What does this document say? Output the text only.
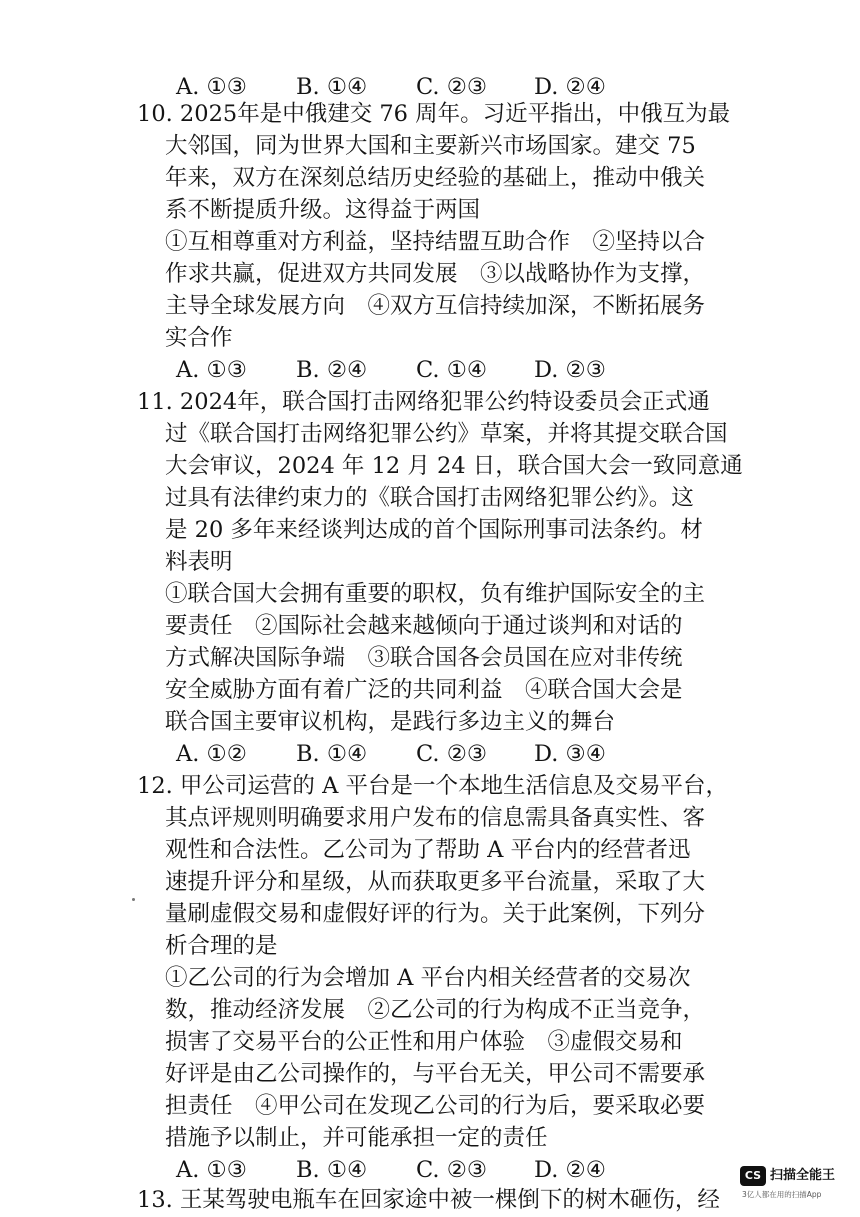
A. ①③ B. ①④ C. ②③ D. ②④
10. 2025年是中俄建交 76 周年。习近平指出，中俄互为最
大邻国，同为世界大国和主要新兴市场国家。建交 75
年来，双方在深刻总结历史经验的基础上，推动中俄关
系不断提质升级。这得益于两国
①互相尊重对方利益，坚持结盟互助合作　②坚持以合
作求共赢，促进双方共同发展　③以战略协作为支撑，
主导全球发展方向　④双方互信持续加深，不断拓展务
实合作
A. ①③ B. ②④ C. ①④ D. ②③
11. 2024年，联合国打击网络犯罪公约特设委员会正式通
过《联合国打击网络犯罪公约》草案，并将其提交联合国
大会审议，2024 年 12 月 24 日，联合国大会一致同意通
过具有法律约束力的《联合国打击网络犯罪公约》。这
是 20 多年来经谈判达成的首个国际刑事司法条约。材
料表明
①联合国大会拥有重要的职权，负有维护国际安全的主
要责任　②国际社会越来越倾向于通过谈判和对话的
方式解决国际争端　③联合国各会员国在应对非传统
安全威胁方面有着广泛的共同利益　④联合国大会是
联合国主要审议机构，是践行多边主义的舞台
A. ①② B. ①④ C. ②③ D. ③④
12. 甲公司运营的 A 平台是一个本地生活信息及交易平台，
其点评规则明确要求用户发布的信息需具备真实性、客
观性和合法性。乙公司为了帮助 A 平台内的经营者迅
速提升评分和星级，从而获取更多平台流量，采取了大
量刷虚假交易和虚假好评的行为。关于此案例，下列分
析合理的是
①乙公司的行为会增加 A 平台内相关经营者的交易次
数，推动经济发展　②乙公司的行为构成不正当竞争，
损害了交易平台的公正性和用户体验　③虚假交易和
好评是由乙公司操作的，与平台无关，甲公司不需要承
担责任　④甲公司在发现乙公司的行为后，要采取必要
措施予以制止，并可能承担一定的责任
A. ①③ B. ①④ C. ②③ D. ②④
13. 王某驾驶电瓶车在回家途中被一棵倒下的树木砸伤，经
CS 扫描全能王
3亿人都在用的扫描App
